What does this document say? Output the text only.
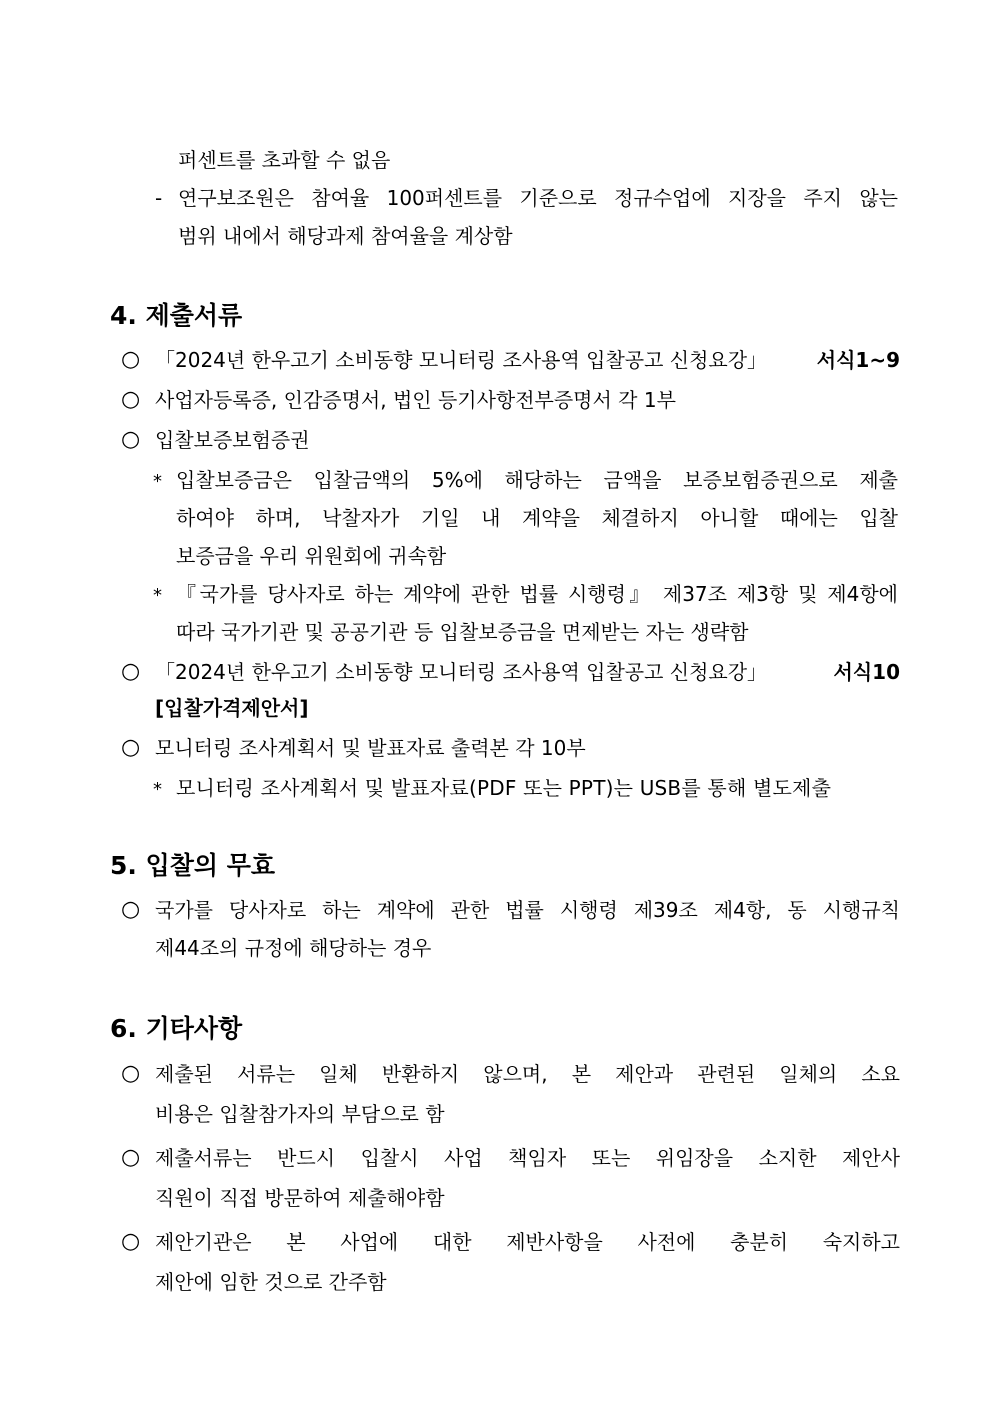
퍼센트를 초과할 수 없음
- 연구보조원은 참여율 100퍼센트를 기준으로 정규수업에 지장을 주지 않는
범위 내에서 해당과제 참여율을 계상함
4. 제출서류
○ 「2024년 한우고기 소비동향 모니터링 조사용역 입찰공고 신청요강」 서식1~9
○ 사업자등록증, 인감증명서, 법인 등기사항전부증명서 각 1부
○ 입찰보증보험증권
* 입찰보증금은 입찰금액의 5%에 해당하는 금액을 보증보험증권으로 제출
하여야 하며, 낙찰자가 기일 내 계약을 체결하지 아니할 때에는 입찰
보증금을 우리 위원회에 귀속함
* 『국가를 당사자로 하는 계약에 관한 법률 시행령』 제37조 제3항 및 제4항에
따라 국가기관 및 공공기관 등 입찰보증금을 면제받는 자는 생략함
○ 「2024년 한우고기 소비동향 모니터링 조사용역 입찰공고 신청요강」	서식10
[입찰가격제안서]
○ 모니터링 조사계획서 및 발표자료 출력본 각 10부
* 모니터링 조사계획서 및 발표자료(PDF 또는 PPT)는 USB를 통해 별도제출
5. 입찰의 무효
○ 국가를 당사자로 하는 계약에 관한 법률 시행령 제39조 제4항, 동 시행규칙
제44조의 규정에 해당하는 경우
6. 기타사항
○ 제출된 서류는 일체 반환하지 않으며, 본 제안과 관련된 일체의 소요
비용은 입찰참가자의 부담으로 함
○ 제출서류는 반드시 입찰시 사업 책임자 또는 위임장을 소지한 제안사
직원이 직접 방문하여 제출해야함
○ 제안기관은 본 사업에 대한 제반사항을 사전에 충분히 숙지하고
제안에 임한 것으로 간주함
